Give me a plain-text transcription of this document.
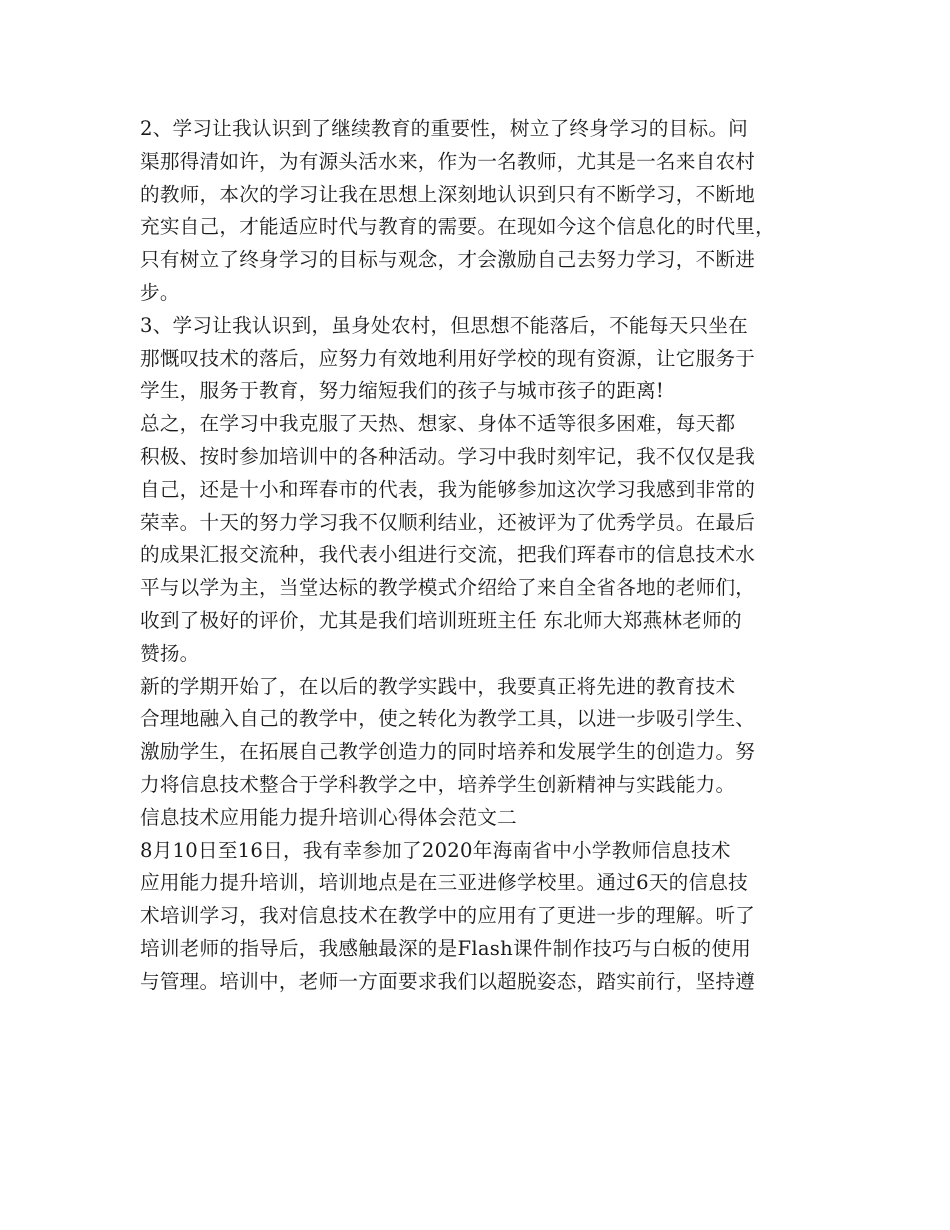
2、学习让我认识到了继续教育的重要性，树立了终身学习的目标。问
渠那得清如许，为有源头活水来，作为一名教师，尤其是一名来自农村
的教师，本次的学习让我在思想上深刻地认识到只有不断学习，不断地
充实自己，才能适应时代与教育的需要。在现如今这个信息化的时代里，
只有树立了终身学习的目标与观念，才会激励自己去努力学习，不断进
步。
3、学习让我认识到，虽身处农村，但思想不能落后，不能每天只坐在
那慨叹技术的落后，应努力有效地利用好学校的现有资源，让它服务于
学生，服务于教育，努力缩短我们的孩子与城市孩子的距离!
总之，在学习中我克服了天热、想家、身体不适等很多困难，每天都
积极、按时参加培训中的各种活动。学习中我时刻牢记，我不仅仅是我
自己，还是十小和珲春市的代表，我为能够参加这次学习我感到非常的
荣幸。十天的努力学习我不仅顺利结业，还被评为了优秀学员。在最后
的成果汇报交流种，我代表小组进行交流，把我们珲春市的信息技术水
平与以学为主，当堂达标的教学模式介绍给了来自全省各地的老师们，
收到了极好的评价，尤其是我们培训班班主任 东北师大郑燕林老师的
赞扬。
新的学期开始了，在以后的教学实践中，我要真正将先进的教育技术
合理地融入自己的教学中，使之转化为教学工具，以进一步吸引学生、
激励学生，在拓展自己教学创造力的同时培养和发展学生的创造力。努
力将信息技术整合于学科教学之中，培养学生创新精神与实践能力。
信息技术应用能力提升培训心得体会范文二
8月10日至16日，我有幸参加了2020年海南省中小学教师信息技术
应用能力提升培训，培训地点是在三亚进修学校里。通过6天的信息技
术培训学习，我对信息技术在教学中的应用有了更进一步的理解。听了
培训老师的指导后，我感触最深的是Flash课件制作技巧与白板的使用
与管理。培训中，老师一方面要求我们以超脱姿态，踏实前行，坚持遵
